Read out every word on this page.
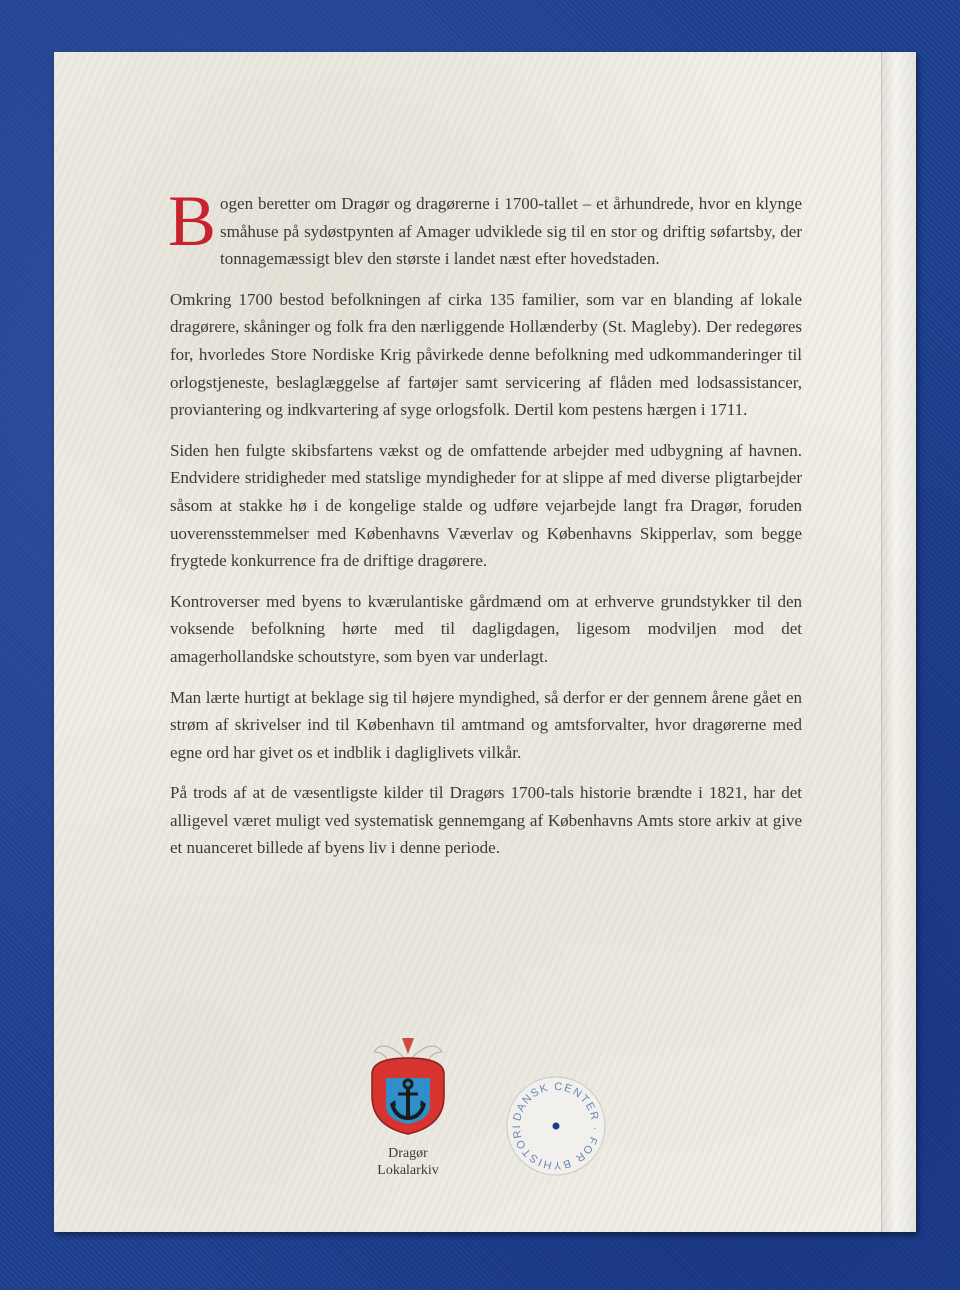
Bogen beretter om Dragør og dragørerne i 1700-tallet – et århundrede, hvor en klynge småhuse på sydøstpynten af Amager udviklede sig til en stor og driftig søfartsby, der tonnagemæssigt blev den største i landet næst efter hovedstaden.

Omkring 1700 bestod befolkningen af cirka 135 familier, som var en blanding af lokale dragørere, skåninger og folk fra den nærliggende Hollænderby (St. Magleby). Der redegøres for, hvorledes Store Nordiske Krig påvirkede denne befolkning med udkommanderinger til orlogstjeneste, beslaglæggelse af fartøjer samt servicering af flåden med lodsassistancer, proviantering og indkvartering af syge orlogsfolk. Dertil kom pestens hærgen i 1711.

Siden hen fulgte skibsfartens vækst og de omfattende arbejder med udbygning af havnen. Endvidere stridigheder med statslige myndigheder for at slippe af med diverse pligtarbejder såsom at stakke hø i de kongelige stalde og udføre vejarbejde langt fra Dragør, foruden uoverensstemmelser med Københavns Væverlav og Københavns Skipperlav, som begge frygtede konkurrence fra de driftige dragørere.

Kontroverser med byens to kværulantiske gårdmænd om at erhverve grundstykker til den voksende befolkning hørte med til dagligdagen, ligesom modviljen mod det amagerhollandske schoutstyre, som byen var underlagt.

Man lærte hurtigt at beklage sig til højere myndighed, så derfor er der gennem årene gået en strøm af skrivelser ind til København til amtmand og amtsforvalter, hvor dragørerne med egne ord har givet os et indblik i dagliglivets vilkår.

På trods af at de væsentligste kilder til Dragørs 1700-tals historie brændte i 1821, har det alligevel været muligt ved systematisk gennemgang af Københavns Amts store arkiv at give et nuanceret billede af byens liv i denne periode.

Dragør
Lokalarkiv
DANSK CENTER · FOR BYHISTORI
